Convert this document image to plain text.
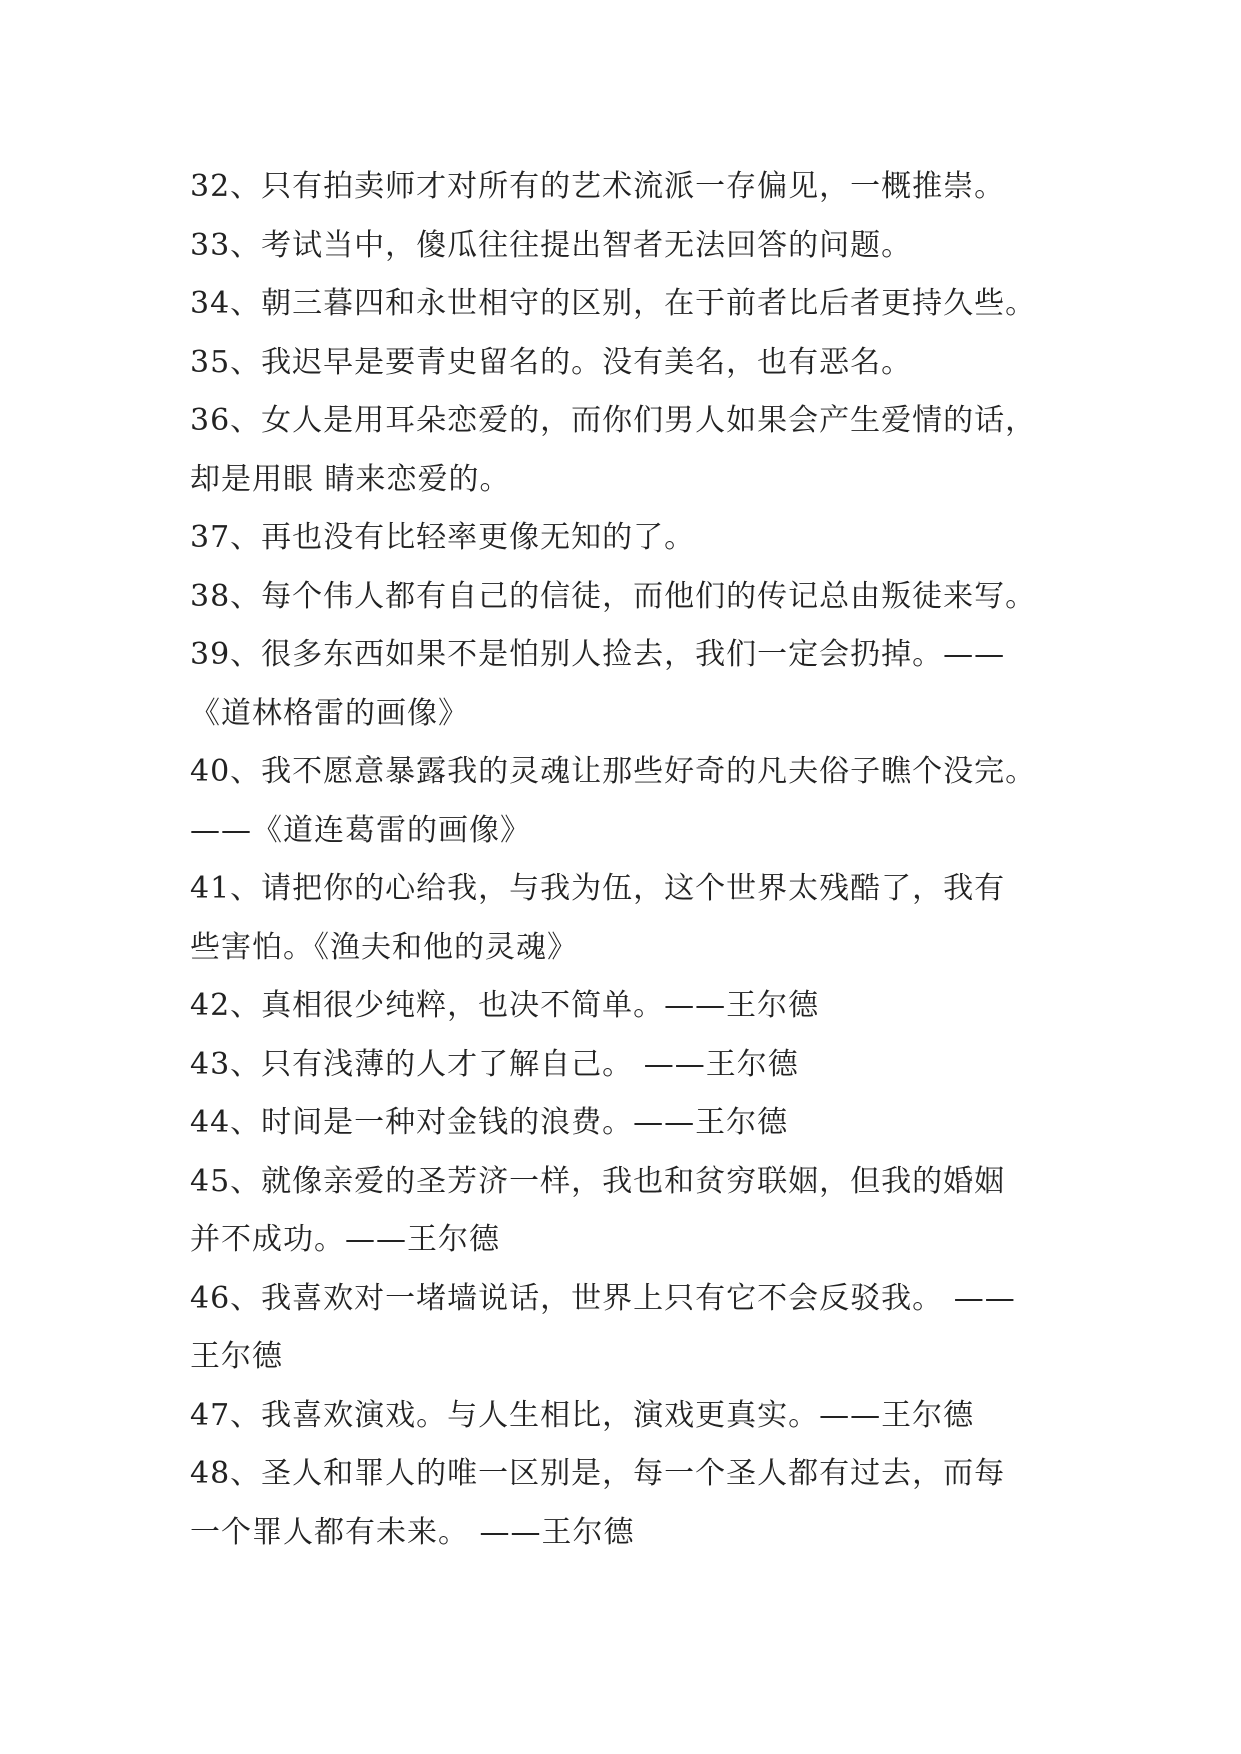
32、只有拍卖师才对所有的艺术流派一存偏见，一概推崇。
33、考试当中，傻瓜往往提出智者无法回答的问题。
34、朝三暮四和永世相守的区别，在于前者比后者更持久些。
35、我迟早是要青史留名的。没有美名，也有恶名。
36、女人是用耳朵恋爱的，而你们男人如果会产生爱情的话，
却是用眼 睛来恋爱的。
37、再也没有比轻率更像无知的了。
38、每个伟人都有自己的信徒，而他们的传记总由叛徒来写。
39、很多东西如果不是怕别人捡去，我们一定会扔掉。——
《道林格雷的画像》
40、我不愿意暴露我的灵魂让那些好奇的凡夫俗子瞧个没完。
——《道连葛雷的画像》
41、请把你的心给我，与我为伍，这个世界太残酷了，我有
些害怕。《渔夫和他的灵魂》
42、真相很少纯粹，也决不简单。——王尔德
43、只有浅薄的人才了解自己。 ——王尔德
44、时间是一种对金钱的浪费。——王尔德
45、就像亲爱的圣芳济一样，我也和贫穷联姻，但我的婚姻
并不成功。——王尔德
46、我喜欢对一堵墙说话，世界上只有它不会反驳我。 ——
王尔德
47、我喜欢演戏。与人生相比，演戏更真实。——王尔德
48、圣人和罪人的唯一区别是，每一个圣人都有过去，而每
一个罪人都有未来。 ——王尔德
